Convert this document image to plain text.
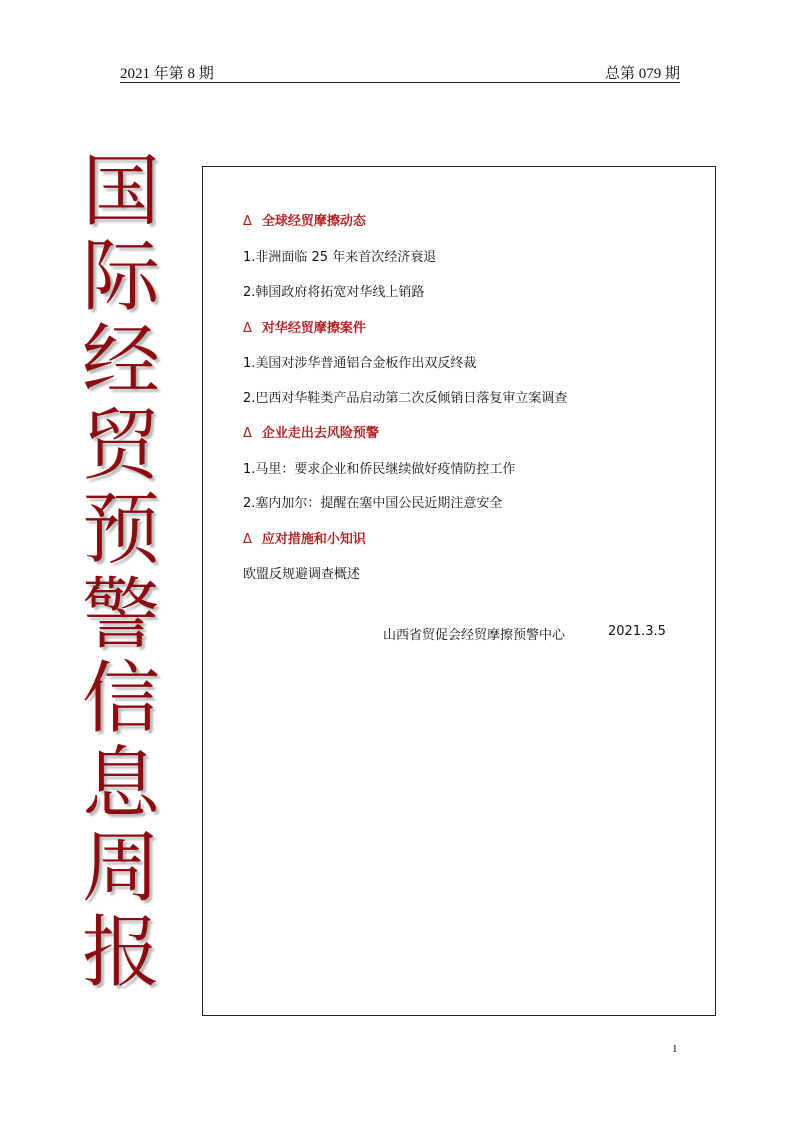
2021 年第 8 期	总第 079 期
国
际
经
贸
预
警
信
息
周
报
Δ 全球经贸摩擦动态
1.非洲面临 25 年来首次经济衰退
2.韩国政府将拓宽对华线上销路
Δ 对华经贸摩擦案件
1.美国对涉华普通铝合金板作出双反终裁
2.巴西对华鞋类产品启动第二次反倾销日落复审立案调查
Δ 企业走出去风险预警
1.马里：要求企业和侨民继续做好疫情防控工作
2.塞内加尔：提醒在塞中国公民近期注意安全
Δ 应对措施和小知识
欧盟反规避调查概述
山西省贸促会经贸摩擦预警中心	2021.3.5
1
